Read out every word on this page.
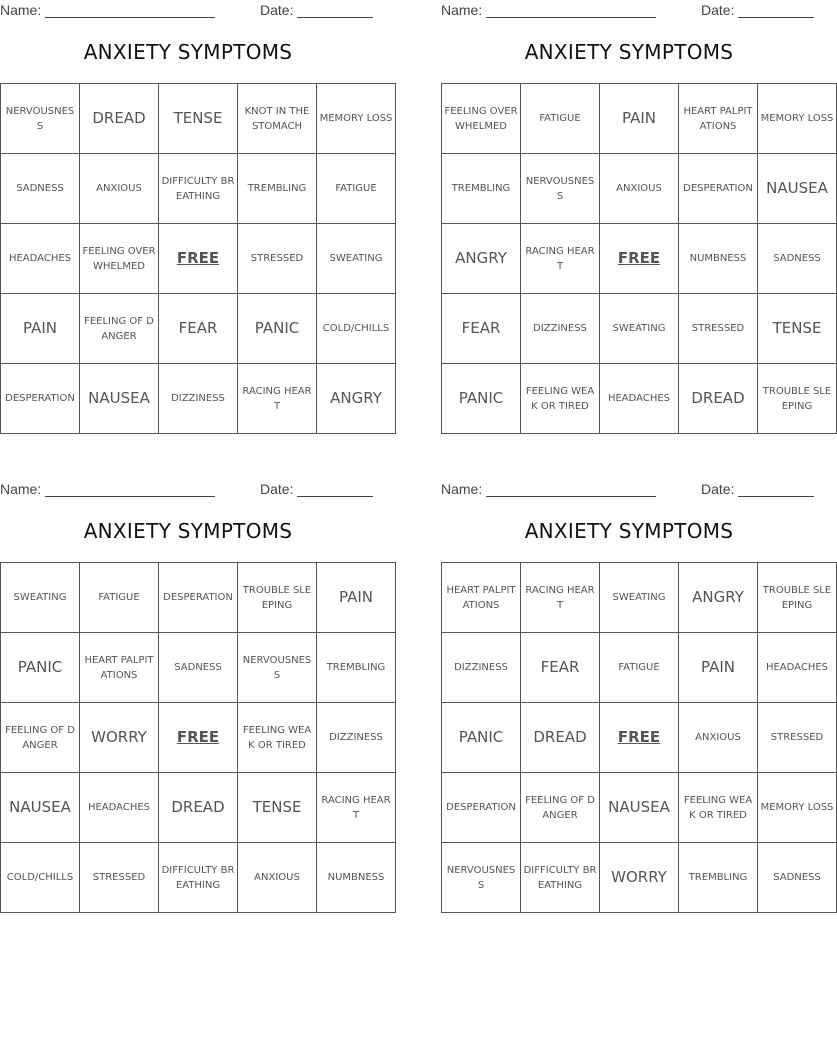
Name:	Date:
ANXIETY SYMPTOMS
NERVOUSNESS	DREAD	TENSE	KNOT IN THE STOMACH	MEMORY LOSS
SADNESS	ANXIOUS	DIFFICULTY BREATHING	TREMBLING	FATIGUE
HEADACHES	FEELING OVERWHELMED	FREE	STRESSED	SWEATING
PAIN	FEELING OF DANGER	FEAR	PANIC	COLD/CHILLS
DESPERATION	NAUSEA	DIZZINESS	RACING HEART	ANGRY
Name:	Date:
ANXIETY SYMPTOMS
FEELING OVERWHELMED	FATIGUE	PAIN	HEART PALPITATIONS	MEMORY LOSS
TREMBLING	NERVOUSNESS	ANXIOUS	DESPERATION	NAUSEA
ANGRY	RACING HEART	FREE	NUMBNESS	SADNESS
FEAR	DIZZINESS	SWEATING	STRESSED	TENSE
PANIC	FEELING WEAK OR TIRED	HEADACHES	DREAD	TROUBLE SLEEPING
Name:	Date:
ANXIETY SYMPTOMS
SWEATING	FATIGUE	DESPERATION	TROUBLE SLEEPING	PAIN
PANIC	HEART PALPITATIONS	SADNESS	NERVOUSNESS	TREMBLING
FEELING OF DANGER	WORRY	FREE	FEELING WEAK OR TIRED	DIZZINESS
NAUSEA	HEADACHES	DREAD	TENSE	RACING HEART
COLD/CHILLS	STRESSED	DIFFICULTY BREATHING	ANXIOUS	NUMBNESS
Name:	Date:
ANXIETY SYMPTOMS
HEART PALPITATIONS	RACING HEART	SWEATING	ANGRY	TROUBLE SLEEPING
DIZZINESS	FEAR	FATIGUE	PAIN	HEADACHES
PANIC	DREAD	FREE	ANXIOUS	STRESSED
DESPERATION	FEELING OF DANGER	NAUSEA	FEELING WEAK OR TIRED	MEMORY LOSS
NERVOUSNESS	DIFFICULTY BREATHING	WORRY	TREMBLING	SADNESS
